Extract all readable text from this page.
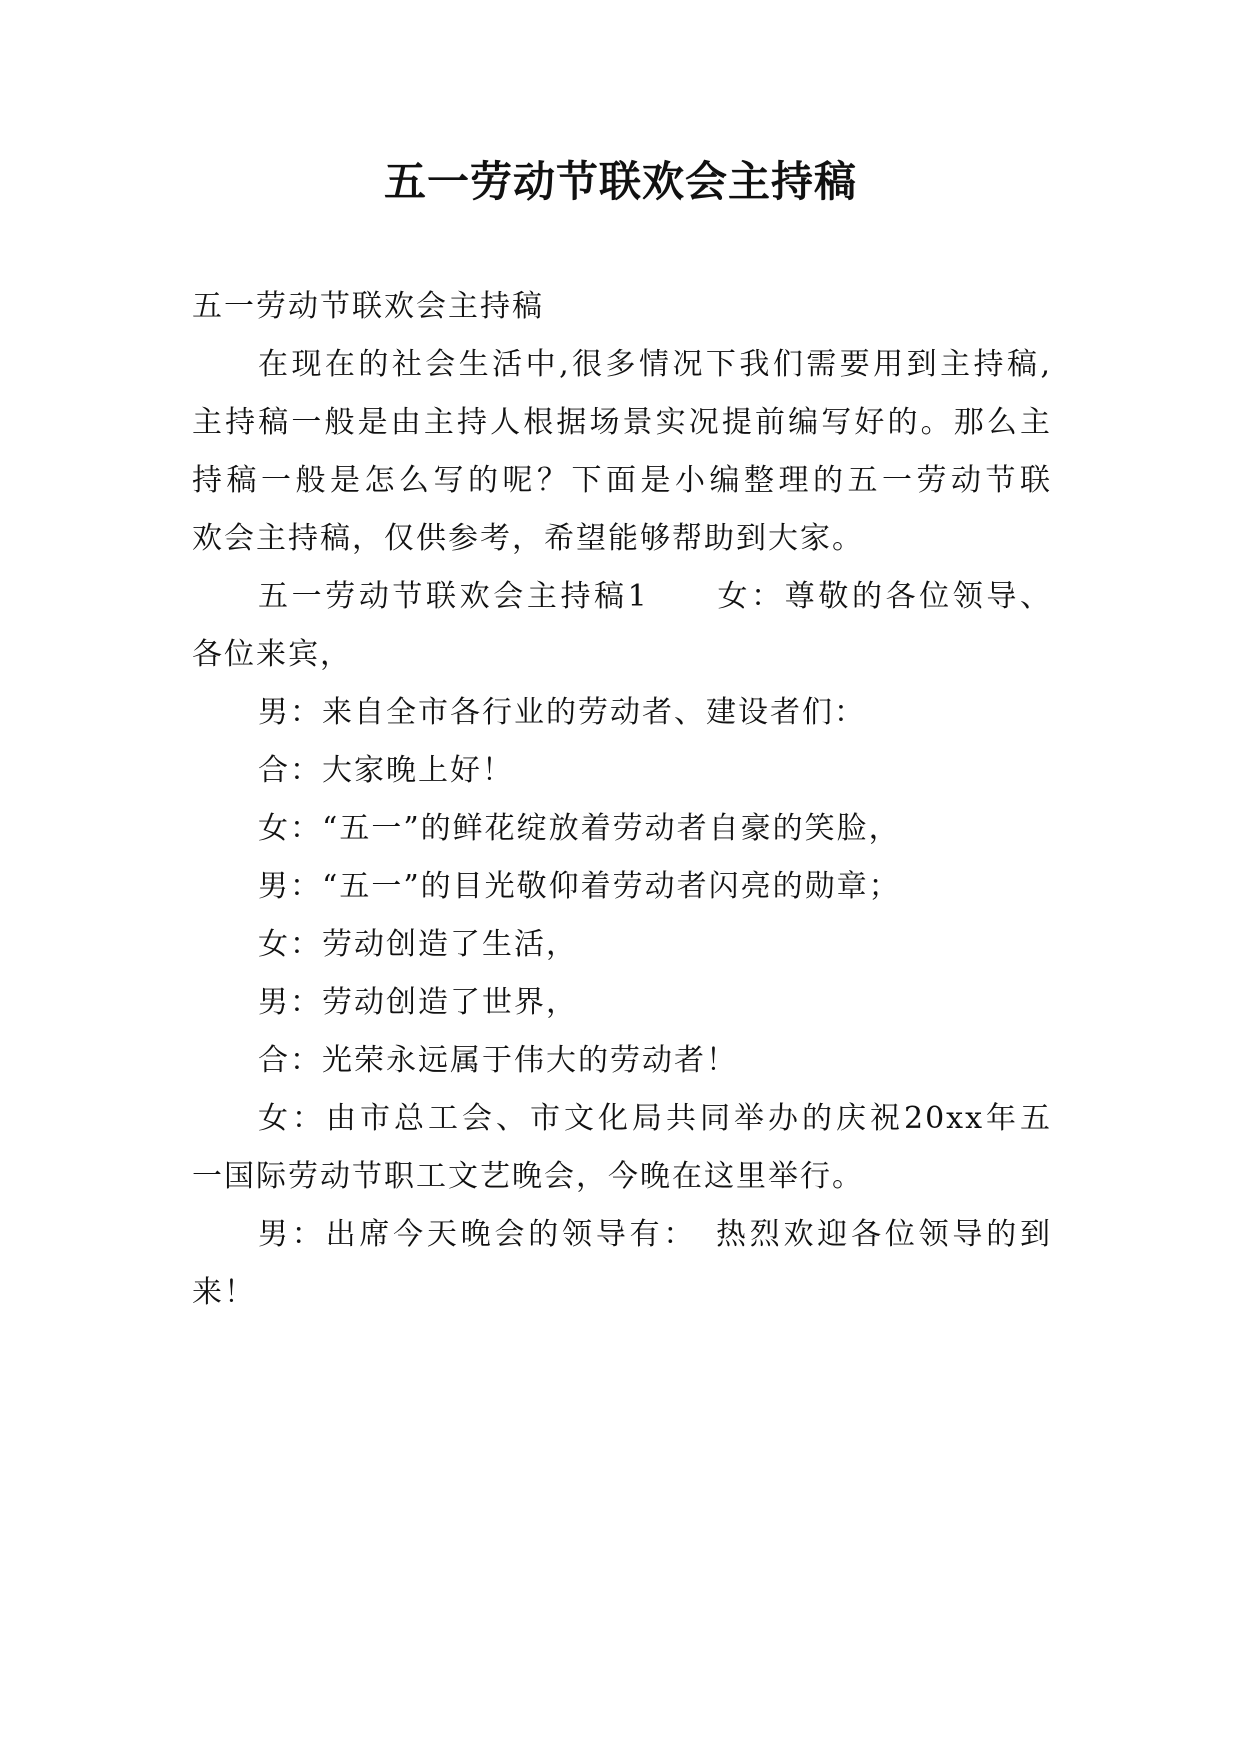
五一劳动节联欢会主持稿
五一劳动节联欢会主持稿
在现在的社会生活中,很多情况下我们需要用到主持稿,
主持稿一般是由主持人根据场景实况提前编写好的。那么主
持稿一般是怎么写的呢？下面是小编整理的五一劳动节联
欢会主持稿，仅供参考，希望能够帮助到大家。
五一劳动节联欢会主持稿1　　女：尊敬的各位领导、
各位来宾，
男：来自全市各行业的劳动者、建设者们：
合：大家晚上好！
女：“五一”的鲜花绽放着劳动者自豪的笑脸，
男：“五一”的目光敬仰着劳动者闪亮的勋章；
女：劳动创造了生活，
男：劳动创造了世界，
合：光荣永远属于伟大的劳动者！
女：由市总工会、市文化局共同举办的庆祝20xx年五
一国际劳动节职工文艺晚会，今晚在这里举行。
男：出席今天晚会的领导有：　热烈欢迎各位领导的到
来！
